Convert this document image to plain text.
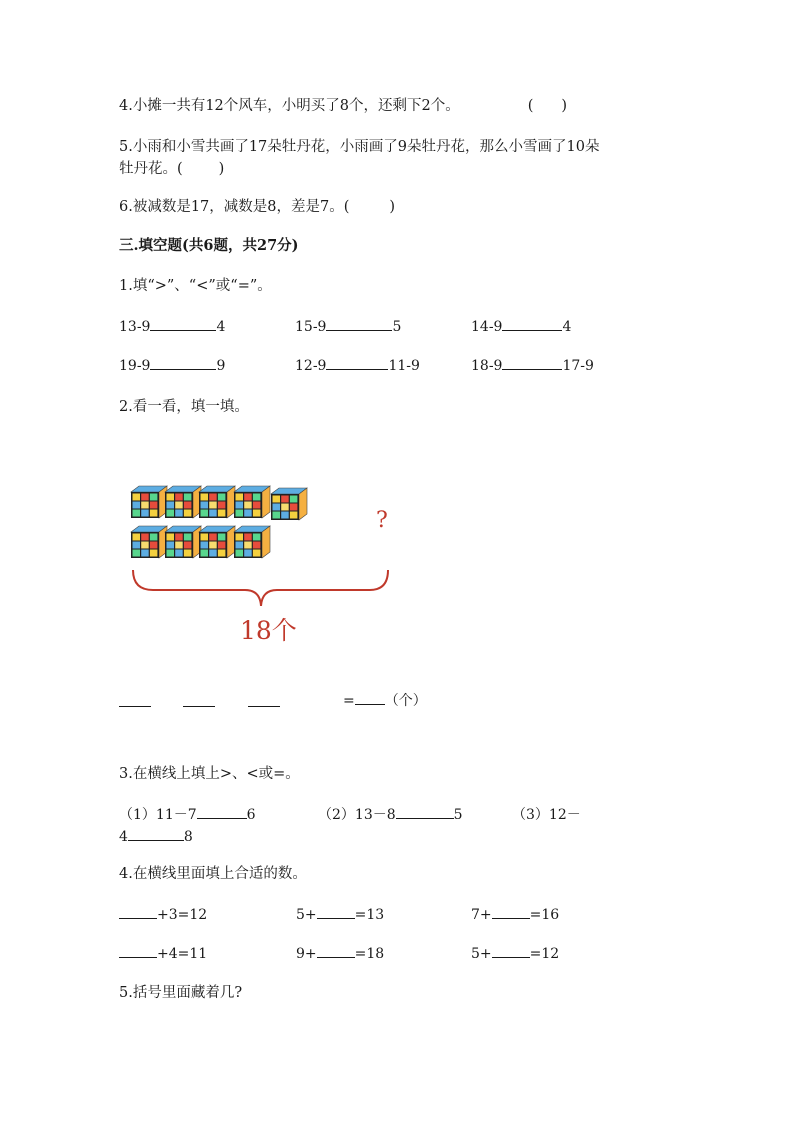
4.小摊一共有12个风车，小明买了8个，还剩下2个。	( )
5.小雨和小雪共画了17朵牡丹花，小雨画了9朵牡丹花，那么小雪画了10朵
牡丹花。( )
6.被减数是17，减数是8，差是7。(	)
三.填空题(共6题，共27分)
1.填“>”、“<”或“=”。
13-9	4	15-9	5	14-9	4
19-9	9	12-9	11-9	18-9	17-9
2.看一看，填一填。
?
18个
= （个）
3.在横线上填上>、<或=。
（1）11－7	6	（2）13－8	5	（3）12－
4	8
4.在横线里面填上合适的数。
+3=12	5+	=13	7+	=16
+4=11	9+	=18	5+	=12
5.括号里面藏着几?
